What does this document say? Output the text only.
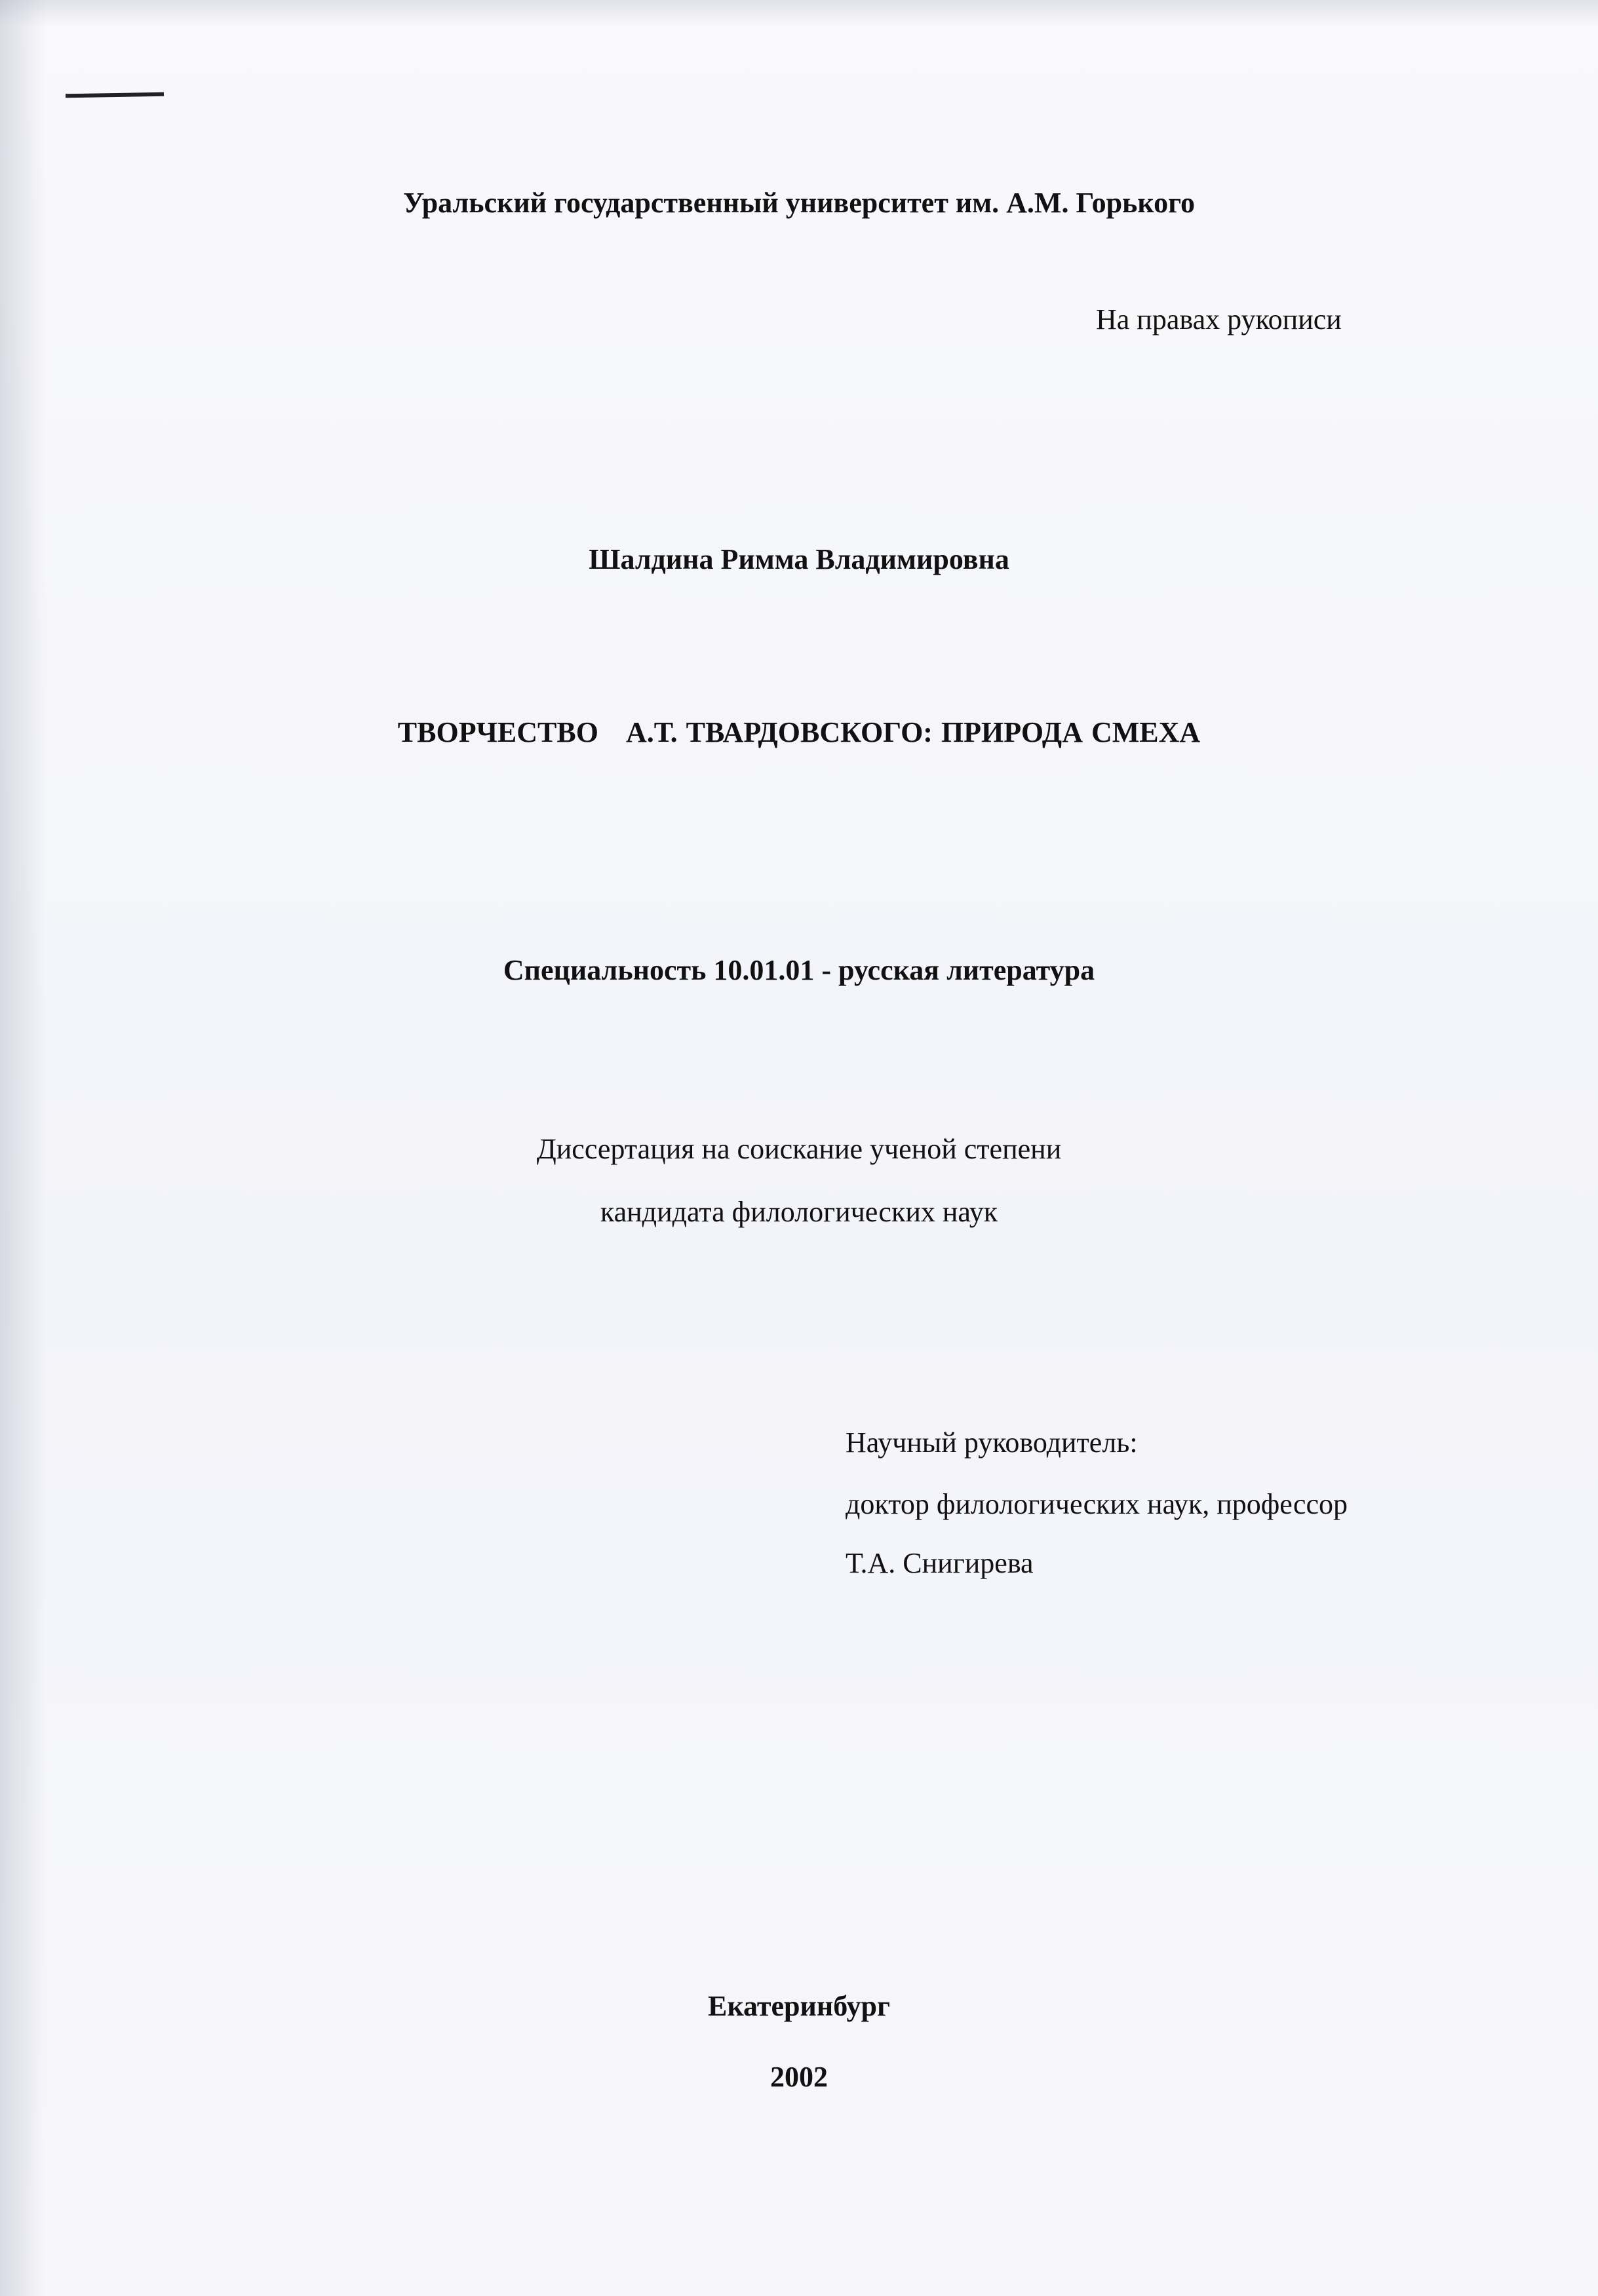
Уральский государственный университет им. А.М. Горького
На правах рукописи
Шалдина Римма Владимировна
ТВОРЧЕСТВО А.Т. ТВАРДОВСКОГО: ПРИРОДА СМЕХА
Специальность 10.01.01 - русская литература
Диссертация на соискание ученой степени
кандидата филологических наук
Научный руководитель:
доктор филологических наук, профессор
Т.А. Снигирева
Екатеринбург
2002
